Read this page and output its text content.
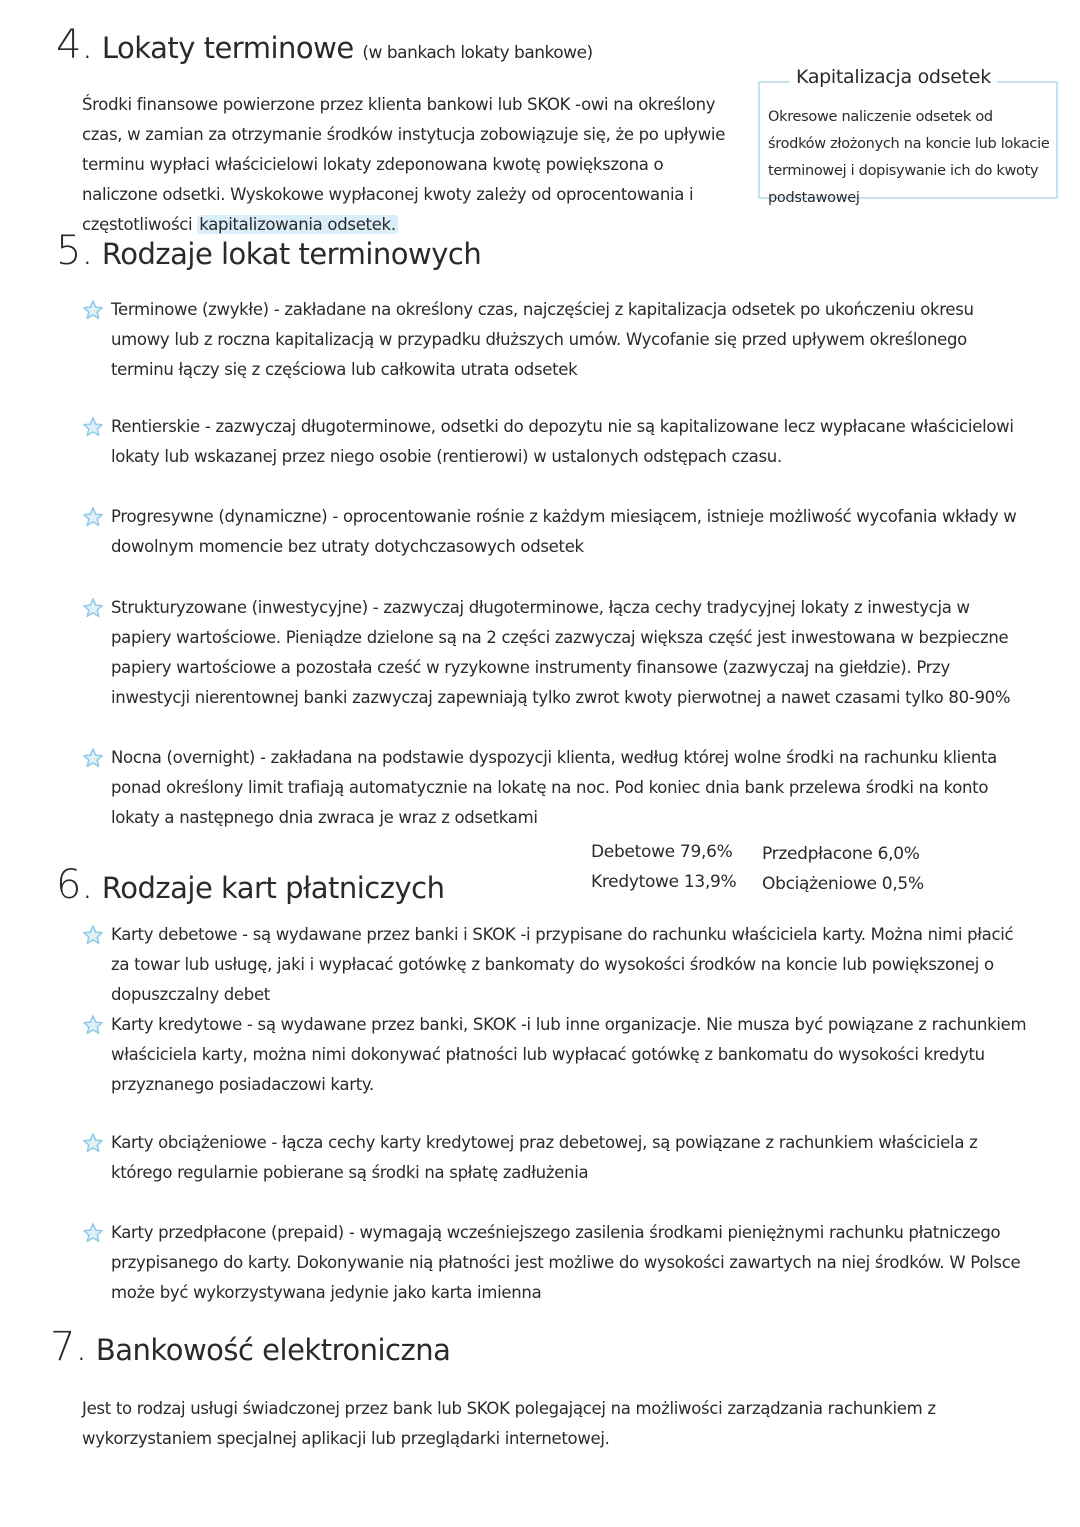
4. Lokaty terminowe (w bankach lokaty bankowe)
Środki finansowe powierzone przez klienta bankowi lub SKOK -owi na określony czas, w zamian za otrzymanie środków instytucja zobowiązuje się, że po upływie terminu wypłaci właścicielowi lokaty zdeponowana kwotę powiększona o naliczone odsetki. Wyskokowe wypłaconej kwoty zależy od oprocentowania i częstotliwości kapitalizowania odsetek.
Kapitalizacja odsetek
Okresowe naliczenie odsetek od środków złożonych na koncie lub lokacie terminowej i dopisywanie ich do kwoty podstawowej
5. Rodzaje lokat terminowych
Terminowe (zwykłe) - zakładane na określony czas, najczęściej z kapitalizacja odsetek po ukończeniu okresu umowy lub z roczna kapitalizacją w przypadku dłuższych umów. Wycofanie się przed upływem określonego terminu łączy się z częściowa lub całkowita utrata odsetek
Rentierskie - zazwyczaj długoterminowe, odsetki do depozytu nie są kapitalizowane lecz wypłacane właścicielowi lokaty lub wskazanej przez niego osobie (rentierowi) w ustalonych odstępach czasu.
Progresywne (dynamiczne) - oprocentowanie rośnie z każdym miesiącem, istnieje możliwość wycofania wkłady w dowolnym momencie bez utraty dotychczasowych odsetek
Strukturyzowane (inwestycyjne) - zazwyczaj długoterminowe, łącza cechy tradycyjnej lokaty z inwestycja w papiery wartościowe. Pieniądze dzielone są na 2 części zazwyczaj większa część jest inwestowana w bezpieczne papiery wartościowe a pozostała cześć w ryzykowne instrumenty finansowe (zazwyczaj na giełdzie). Przy inwestycji nierentownej banki zazwyczaj zapewniają tylko zwrot kwoty pierwotnej a nawet czasami tylko 80-90%
Nocna (overnight) - zakładana na podstawie dyspozycji klienta, według której wolne środki na rachunku klienta ponad określony limit trafiają automatycznie na lokatę na noc. Pod koniec dnia bank przelewa środki na konto lokaty a następnego dnia zwraca je wraz z odsetkami
6. Rodzaje kart płatniczych
Debetowe 79,6%
Kredytowe 13,9%
Przedpłacone 6,0%
Obciążeniowe 0,5%
Karty debetowe - są wydawane przez banki i SKOK -i przypisane do rachunku właściciela karty. Można nimi płacić za towar lub usługę, jaki i wypłacać gotówkę z bankomaty do wysokości środków na koncie lub powiększonej o dopuszczalny debet
Karty kredytowe - są wydawane przez banki, SKOK -i lub inne organizacje. Nie musza być powiązane z rachunkiem właściciela karty, można nimi dokonywać płatności lub wypłacać gotówkę z bankomatu do wysokości kredytu przyznanego posiadaczowi karty.
Karty obciążeniowe - łącza cechy karty kredytowej praz debetowej, są powiązane z rachunkiem właściciela z którego regularnie pobierane są środki na spłatę zadłużenia
Karty przedpłacone (prepaid) - wymagają wcześniejszego zasilenia środkami pieniężnymi rachunku płatniczego przypisanego do karty. Dokonywanie nią płatności jest możliwe do wysokości zawartych na niej środków. W Polsce może być wykorzystywana jedynie jako karta imienna
7. Bankowość elektroniczna
Jest to rodzaj usługi świadczonej przez bank lub SKOK polegającej na możliwości zarządzania rachunkiem z wykorzystaniem specjalnej aplikacji lub przeglądarki internetowej.
